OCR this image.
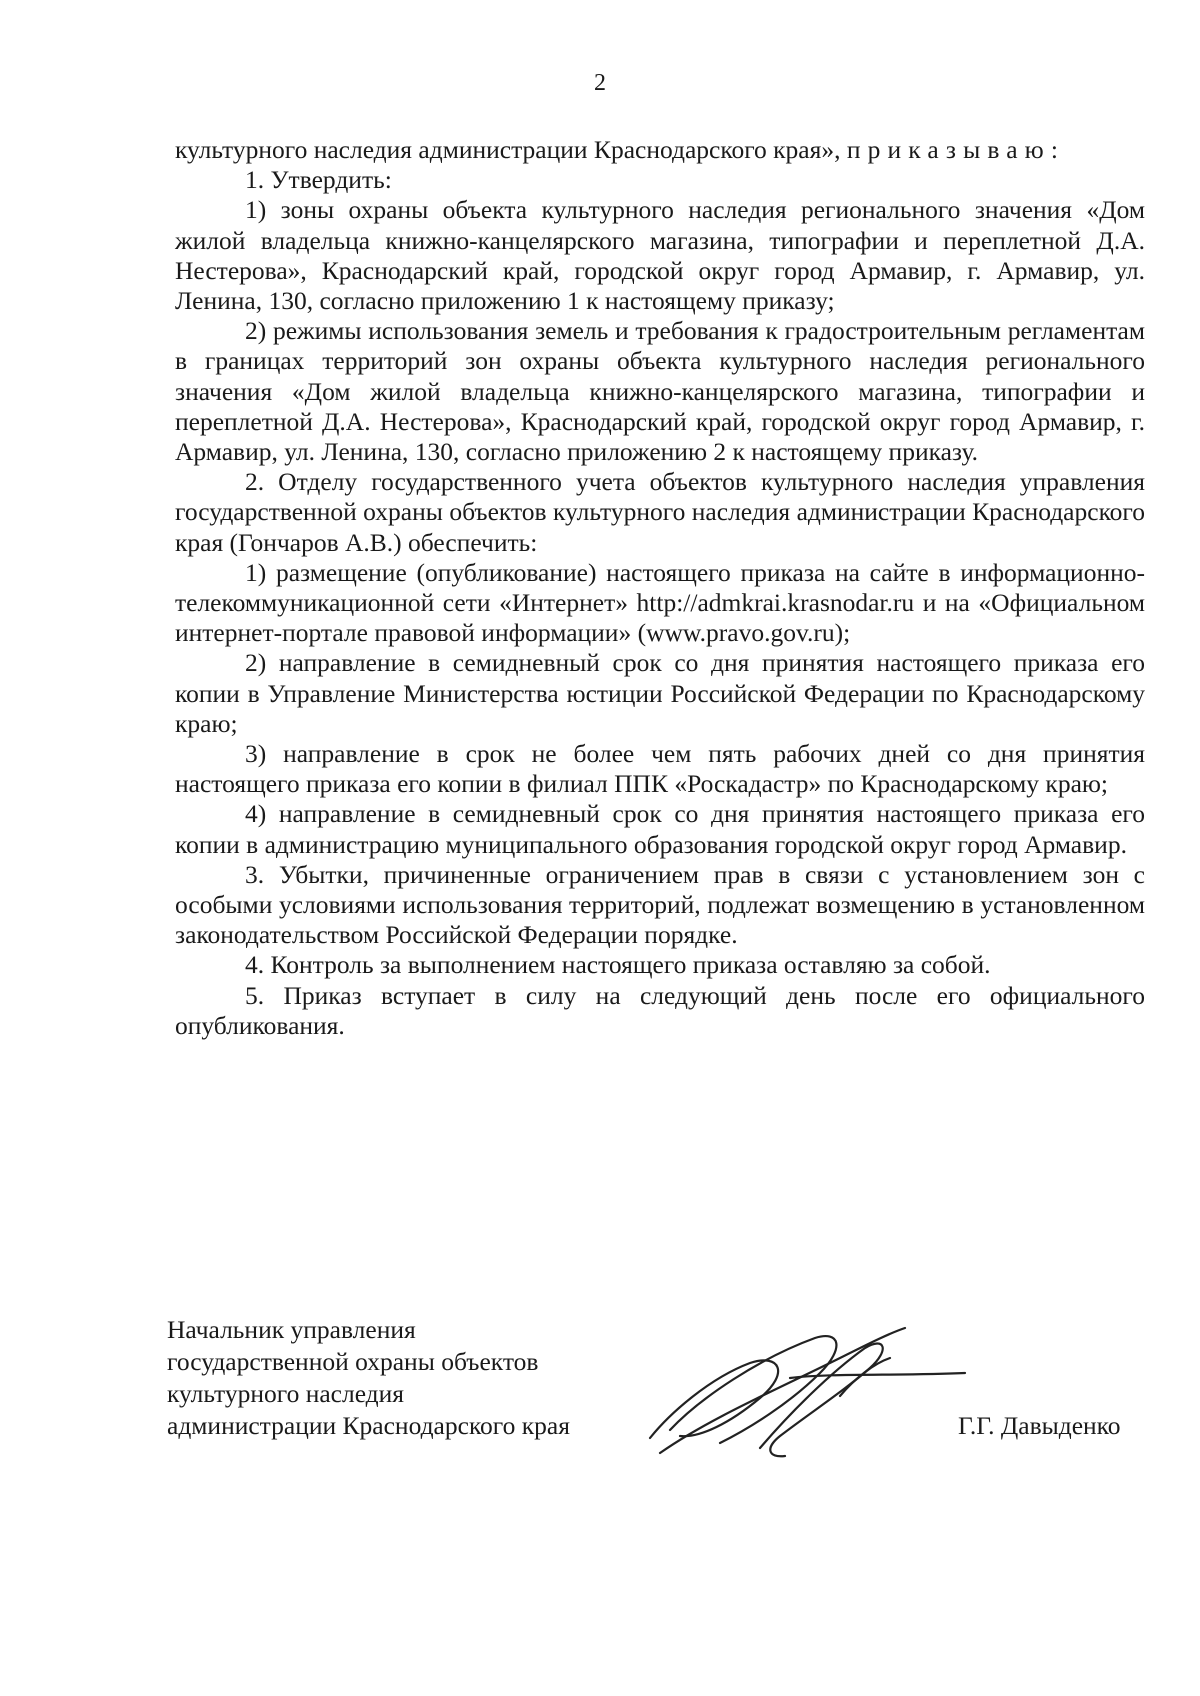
2

культурного наследия администрации Краснодарского края», приказываю:

1. Утвердить:

1) зоны охраны объекта культурного наследия регионального значения «Дом жилой владельца книжно-канцелярского магазина, типографии и переплетной Д.А. Нестерова», Краснодарский край, городской округ город Армавир, г. Армавир, ул. Ленина, 130, согласно приложению 1 к настоящему приказу;

2) режимы использования земель и требования к градостроительным регламентам в границах территорий зон охраны объекта культурного наследия регионального значения «Дом жилой владельца книжно-канцелярского магазина, типографии и переплетной Д.А. Нестерова», Краснодарский край, городской округ город Армавир, г. Армавир, ул. Ленина, 130, согласно приложению 2 к настоящему приказу.

2. Отделу государственного учета объектов культурного наследия управления государственной охраны объектов культурного наследия администрации Краснодарского края (Гончаров А.В.) обеспечить:

1) размещение (опубликование) настоящего приказа на сайте в информационно-телекоммуникационной сети «Интернет» http://admkrai.krasnodar.ru и на «Официальном интернет-портале правовой информации» (www.pravo.gov.ru);

2) направление в семидневный срок со дня принятия настоящего приказа его копии в Управление Министерства юстиции Российской Федерации по Краснодарскому краю;

3) направление в срок не более чем пять рабочих дней со дня принятия настоящего приказа его копии в филиал ППК «Роскадастр» по Краснодарскому краю;

4) направление в семидневный срок со дня принятия настоящего приказа его копии в администрацию муниципального образования городской округ город Армавир.

3. Убытки, причиненные ограничением прав в связи с установлением зон с особыми условиями использования территорий, подлежат возмещению в установленном законодательством Российской Федерации порядке.

4. Контроль за выполнением настоящего приказа оставляю за собой.

5. Приказ вступает в силу на следующий день после его официального опубликования.

Начальник управления
государственной охраны объектов
культурного наследия
администрации Краснодарского края	Г.Г. Давыденко
